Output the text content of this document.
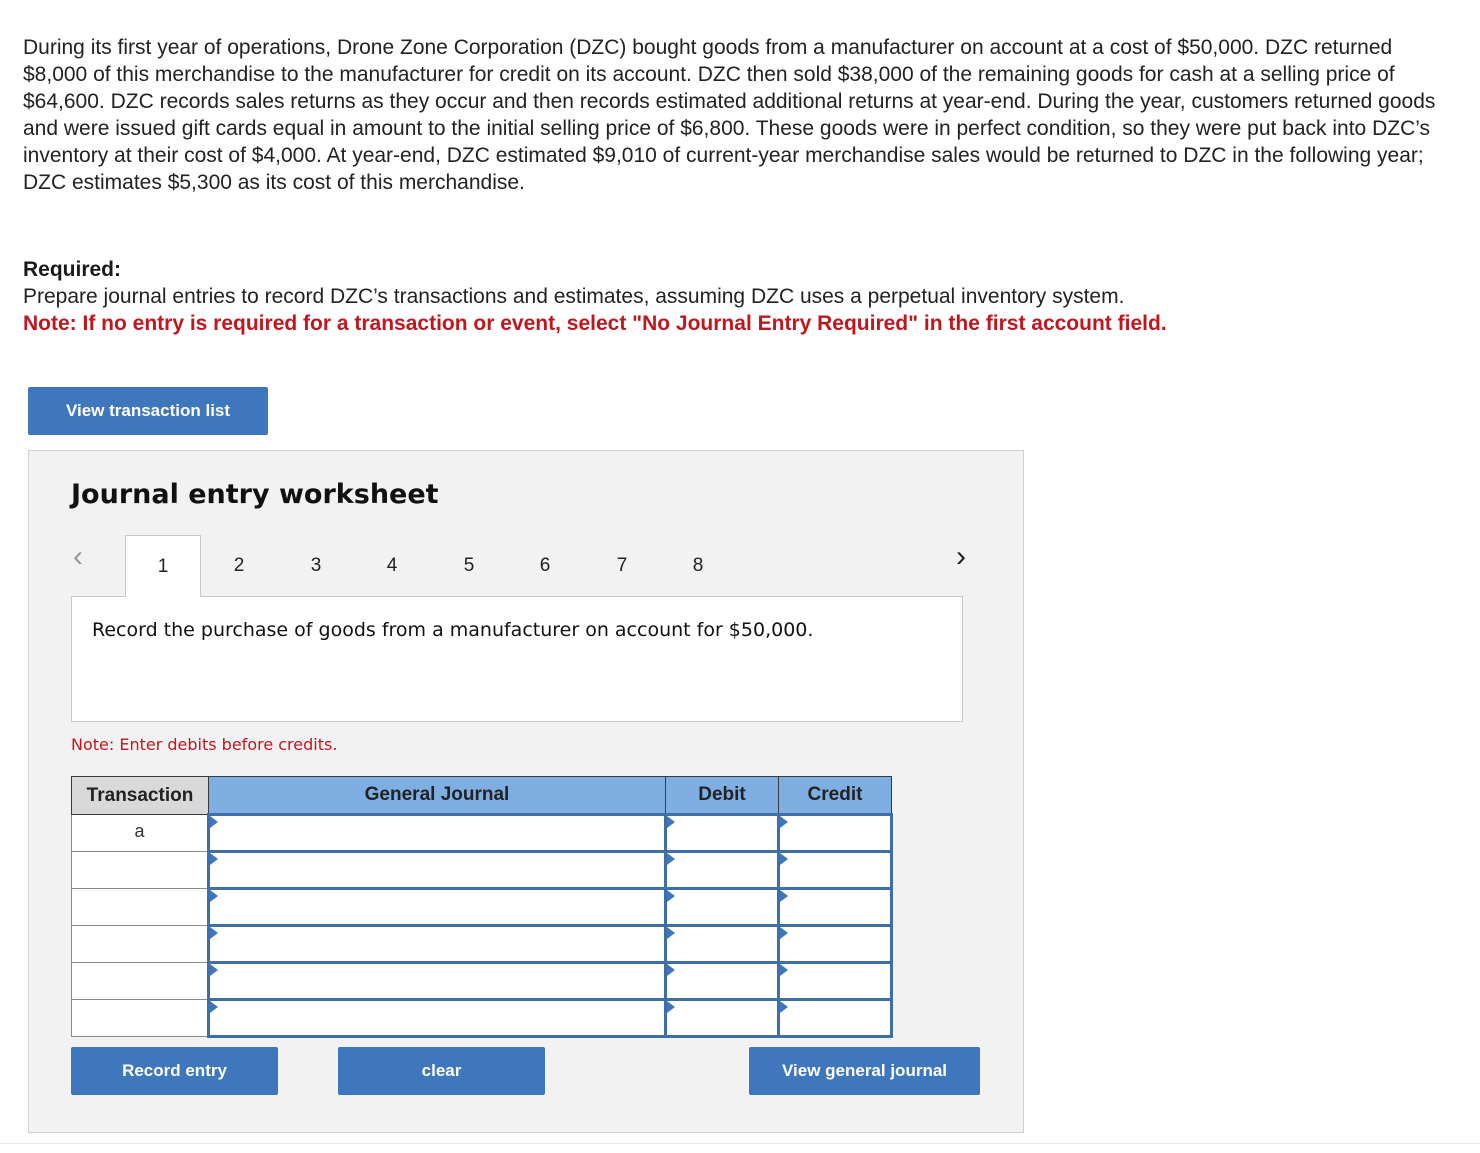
During its first year of operations, Drone Zone Corporation (DZC) bought goods from a manufacturer on account at a cost of $50,000. DZC returned $8,000 of this merchandise to the manufacturer for credit on its account. DZC then sold $38,000 of the remaining goods for cash at a selling price of $64,600. DZC records sales returns as they occur and then records estimated additional returns at year-end. During the year, customers returned goods and were issued gift cards equal in amount to the initial selling price of $6,800. These goods were in perfect condition, so they were put back into DZC’s inventory at their cost of $4,000. At year-end, DZC estimated $9,010 of current-year merchandise sales would be returned to DZC in the following year; DZC estimates $5,300 as its cost of this merchandise.

Required:

Prepare journal entries to record DZC’s transactions and estimates, assuming DZC uses a perpetual inventory system.

Note: If no entry is required for a transaction or event, select "No Journal Entry Required" in the first account field.

View transaction list
Journal entry worksheet
‹	1	2	3	4	5	6	7	8	›

Record the purchase of goods from a manufacturer on account for $50,000.

Note: Enter debits before credits.

Transaction	General Journal	Debit	Credit
a	

Record entry	clear	View general journal
